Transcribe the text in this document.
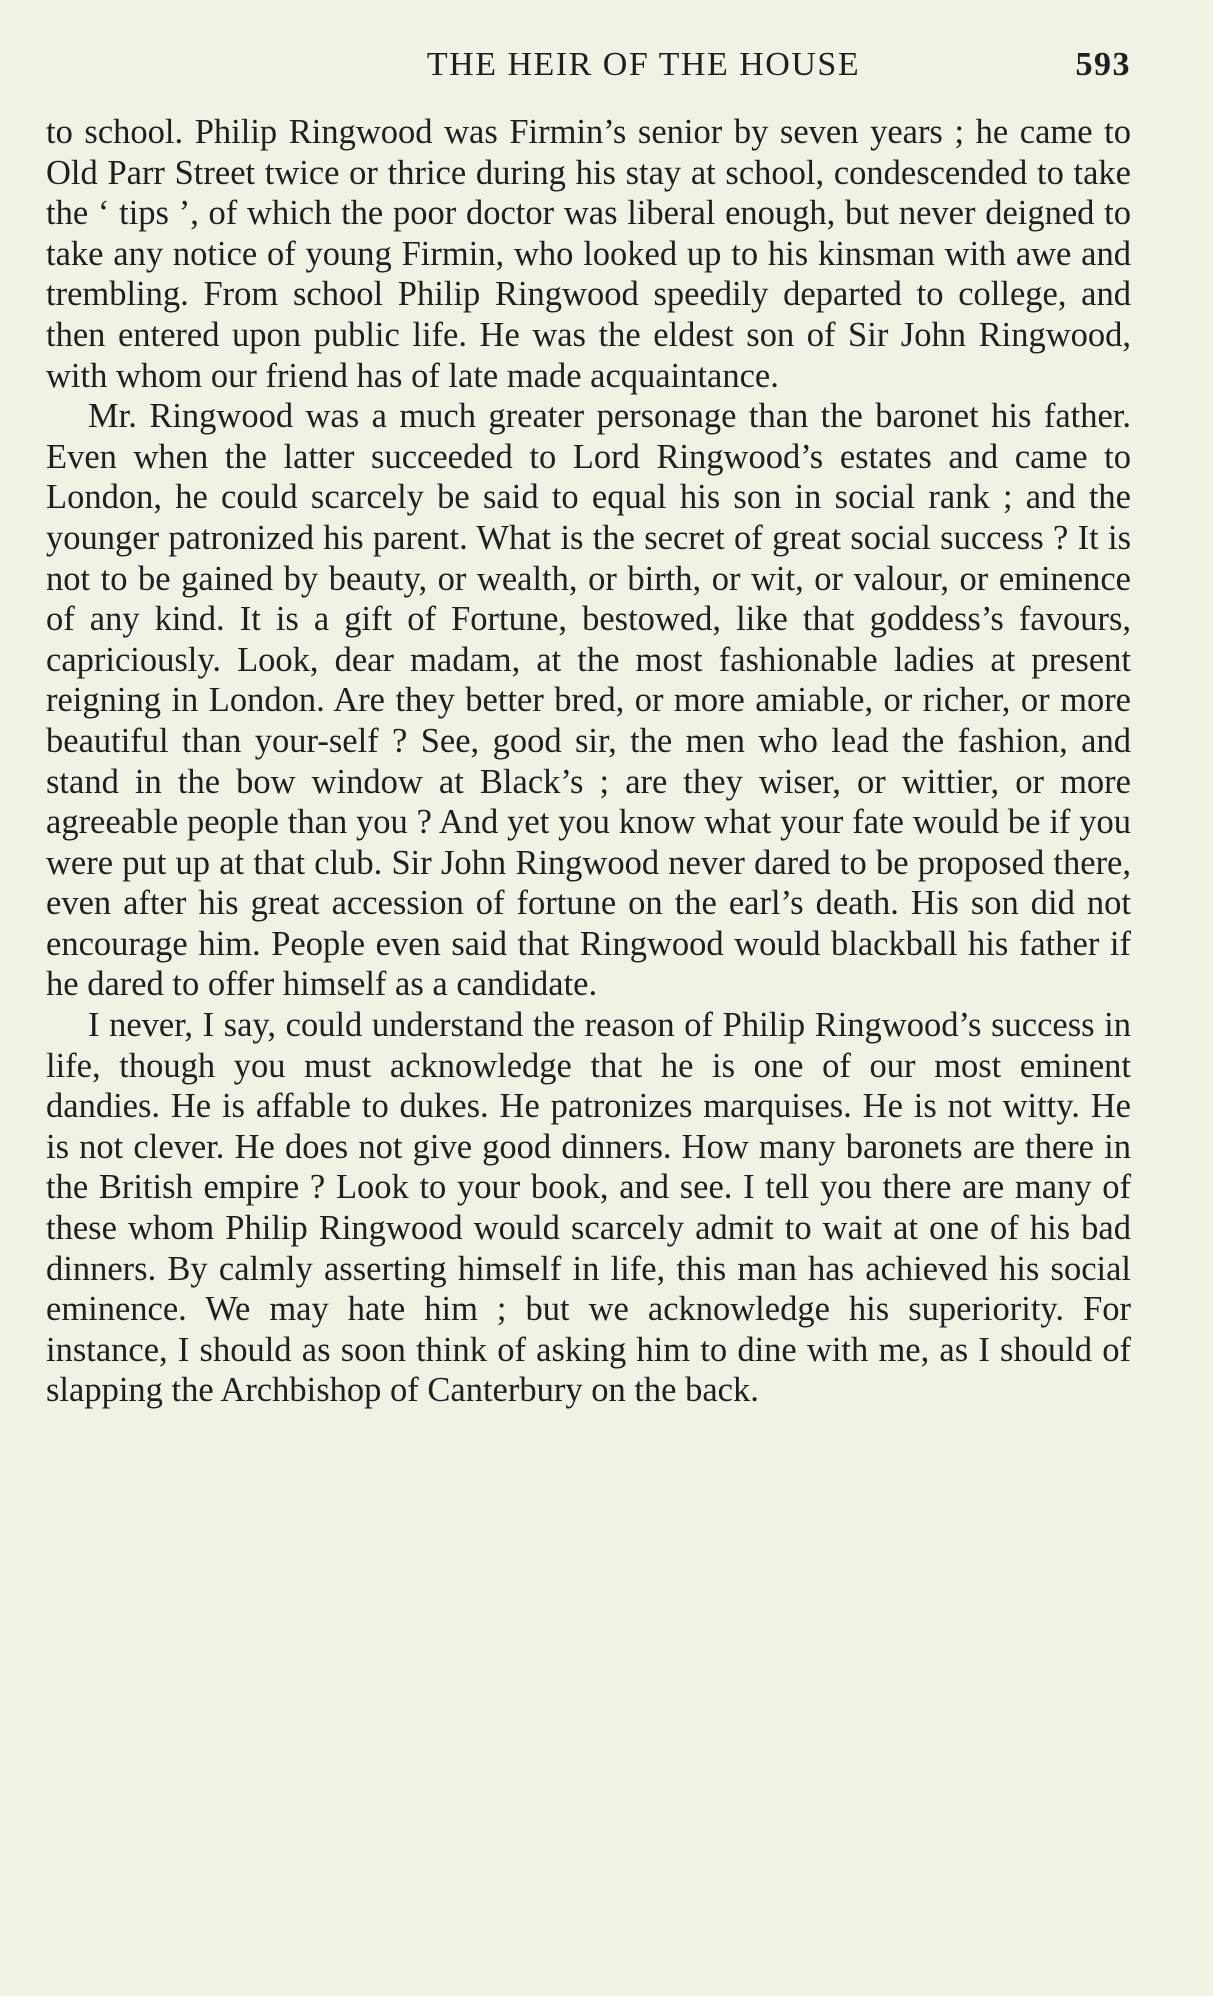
THE HEIR OF THE HOUSE	593

to school. Philip Ringwood was Firmin’s senior by seven years ; he came to Old Parr Street twice or thrice during his stay at school, condescended to take the ‘ tips ’, of which the poor doctor was liberal enough, but never deigned to take any notice of young Firmin, who looked up to his kinsman with awe and trembling. From school Philip Ringwood speedily departed to college, and then entered upon public life. He was the eldest son of Sir John Ringwood, with whom our friend has of late made acquaintance.

Mr. Ringwood was a much greater personage than the baronet his father. Even when the latter succeeded to Lord Ringwood’s estates and came to London, he could scarcely be said to equal his son in social rank ; and the younger patronized his parent. What is the secret of great social success ? It is not to be gained by beauty, or wealth, or birth, or wit, or valour, or eminence of any kind. It is a gift of Fortune, bestowed, like that goddess’s favours, capriciously. Look, dear madam, at the most fashionable ladies at present reigning in London. Are they better bred, or more amiable, or richer, or more beautiful than your-self ? See, good sir, the men who lead the fashion, and stand in the bow window at Black’s ; are they wiser, or wittier, or more agreeable people than you ? And yet you know what your fate would be if you were put up at that club. Sir John Ringwood never dared to be proposed there, even after his great accession of fortune on the earl’s death. His son did not encourage him. People even said that Ringwood would blackball his father if he dared to offer himself as a candidate.

I never, I say, could understand the reason of Philip Ringwood’s success in life, though you must acknowledge that he is one of our most eminent dandies. He is affable to dukes. He patronizes marquises. He is not witty. He is not clever. He does not give good dinners. How many baronets are there in the British empire ? Look to your book, and see. I tell you there are many of these whom Philip Ringwood would scarcely admit to wait at one of his bad dinners. By calmly asserting himself in life, this man has achieved his social eminence. We may hate him ; but we acknowledge his superiority. For instance, I should as soon think of asking him to dine with me, as I should of slapping the Archbishop of Canterbury on the back.
